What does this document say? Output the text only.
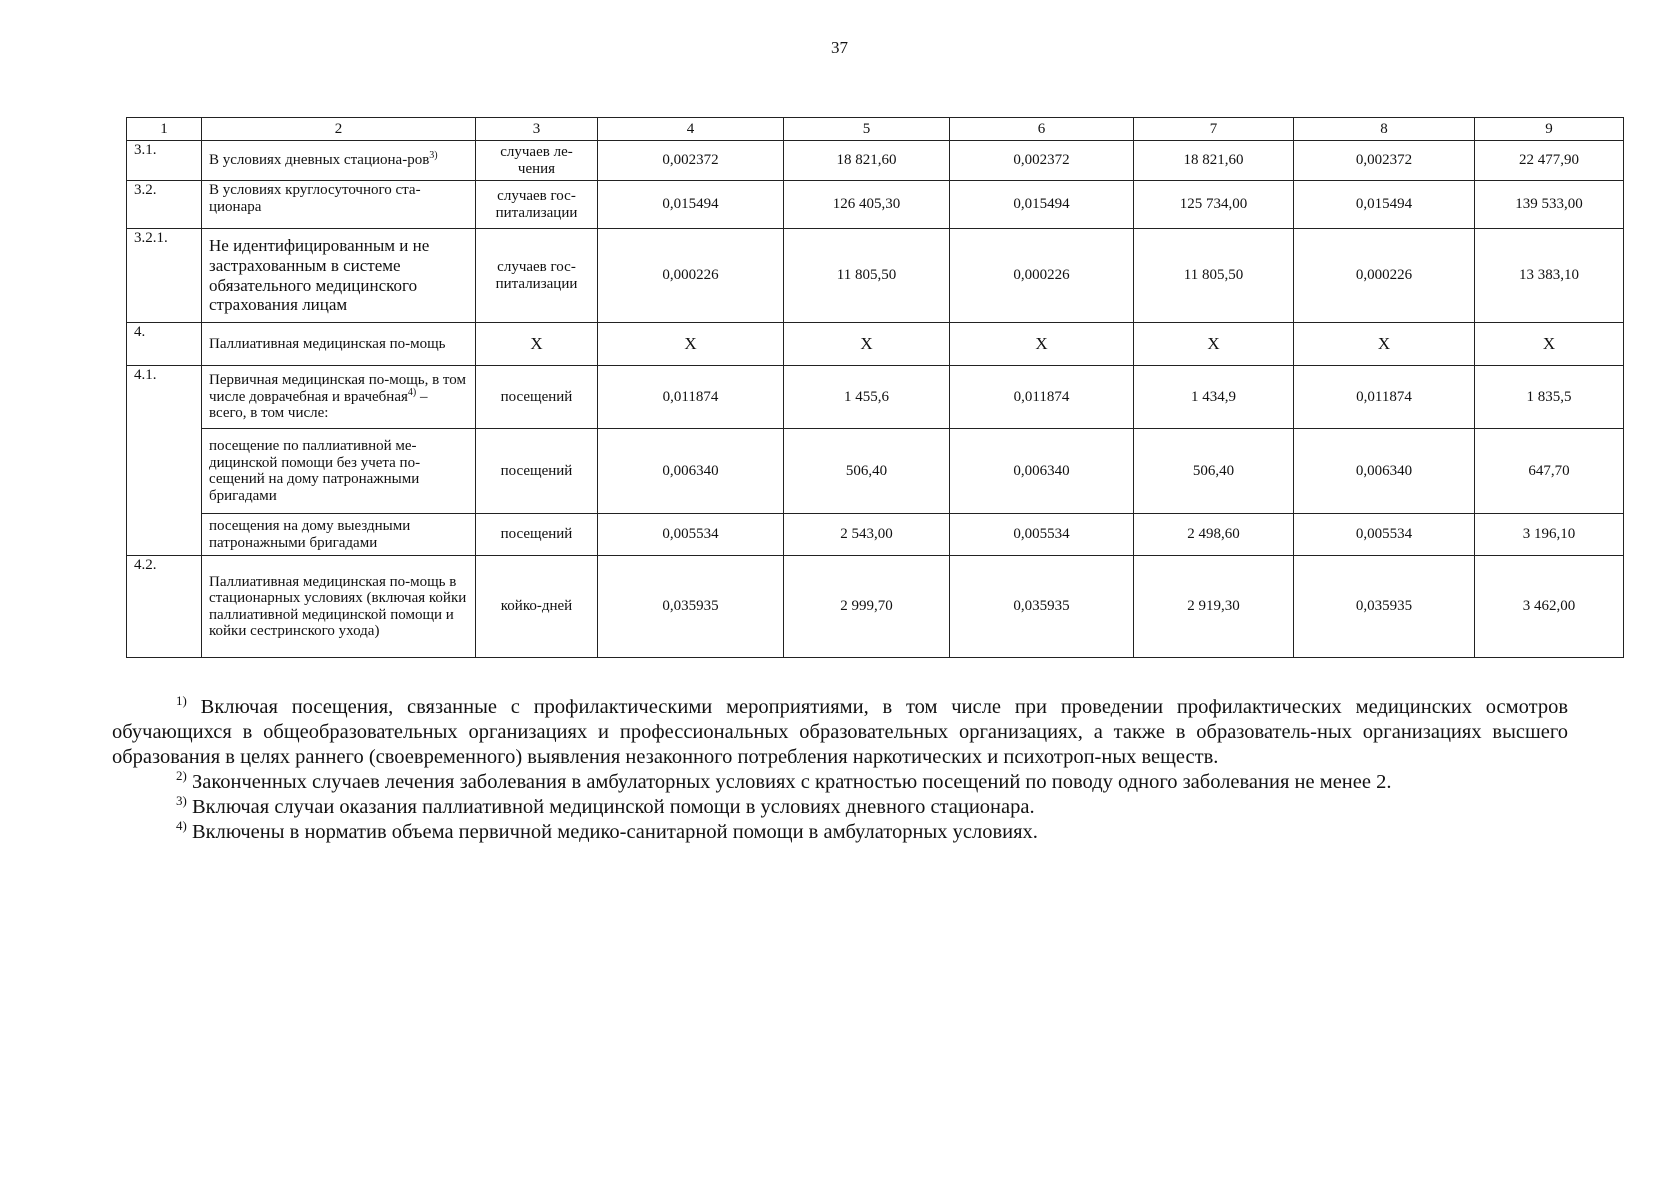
37
1	2	3	4	5	6	7	8	9
3.1.	В условиях дневных стациона-ров$^{3)}$	случаев ле-чения	0,002372	18 821,60	0,002372	18 821,60	0,002372	22 477,90
3.2.	В условиях круглосуточного ста-ционара	случаев гос-питализации	0,015494	126 405,30	0,015494	125 734,00	0,015494	139 533,00
3.2.1.	Не идентифицированным и не застрахованным в системе обязательного медицинского страхования лицам	случаев гос-питализации	0,000226	11 805,50	0,000226	11 805,50	0,000226	13 383,10
4.	Паллиативная медицинская по-мощь	Х	Х	Х	Х	Х	Х	Х
4.1.	Первичная медицинская по-мощь, в том числе доврачебная и врачебная$^{4)}$ – всего, в том числе:	посещений	0,011874	1 455,6	0,011874	1 434,9	0,011874	1 835,5
	посещение по паллиативной ме-дицинской помощи без учета по-сещений на дому патронажными бригадами	посещений	0,006340	506,40	0,006340	506,40	0,006340	647,70
	посещения на дому выездными патронажными бригадами	посещений	0,005534	2 543,00	0,005534	2 498,60	0,005534	3 196,10
4.2.	Паллиативная медицинская по-мощь в стационарных условиях (включая койки паллиативной медицинской помощи и койки сестринского ухода)	койко-дней	0,035935	2 999,70	0,035935	2 919,30	0,035935	3 462,00

$^{1)}$ Включая посещения, связанные с профилактическими мероприятиями, в том числе при проведении профилактических медицинских осмотров обучающихся в общеобразовательных организациях и профессиональных образовательных организациях, а также в образователь-ных организациях высшего образования в целях раннего (своевременного) выявления незаконного потребления наркотических и психотроп-ных веществ.

$^{2)}$ Законченных случаев лечения заболевания в амбулаторных условиях с кратностью посещений по поводу одного заболевания не менее 2.

$^{3)}$ Включая случаи оказания паллиативной медицинской помощи в условиях дневного стационара.

$^{4)}$ Включены в норматив объема первичной медико-санитарной помощи в амбулаторных условиях.
